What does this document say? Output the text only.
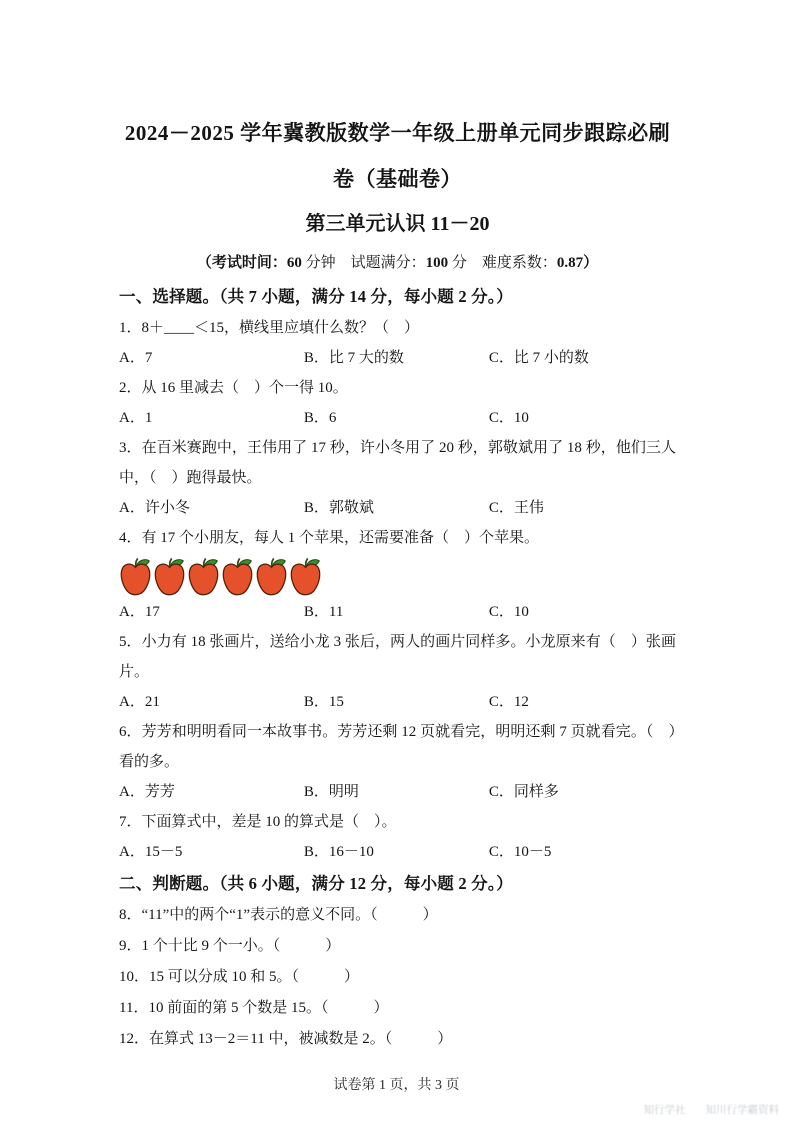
2024－2025 学年冀教版数学一年级上册单元同步跟踪必刷
卷（基础卷）
第三单元认识 11－20

（考试时间：60 分钟　试题满分：100 分　难度系数：0.87）

一、选择题。（共 7 小题，满分 14 分，每小题 2 分。）

1．8＋____＜15，横线里应填什么数？（　）

A．7	B．比 7 大的数	C．比 7 小的数

2．从 16 里减去（　）个一得 10。

A．1	B．6	C．10

3．在百米赛跑中，王伟用了 17 秒，许小冬用了 20 秒，郭敬斌用了 18 秒，他们三人中，（　）跑得最快。

A．许小冬	B．郭敬斌	C．王伟

4．有 17 个小朋友，每人 1 个苹果，还需要准备（　）个苹果。

A．17	B．11	C．10

5．小力有 18 张画片，送给小龙 3 张后，两人的画片同样多。小龙原来有（　）张画片。

A．21	B．15	C．12

6．芳芳和明明看同一本故事书。芳芳还剩 12 页就看完，明明还剩 7 页就看完。（　）看的多。

A．芳芳	B．明明	C．同样多

7．下面算式中，差是 10 的算式是（　）。

A．15－5	B．16－10	C．10－5
二、判断题。（共 6 小题，满分 12 分，每小题 2 分。）

8．“11”中的两个“1”表示的意义不同。（　　　）

9．1 个十比 9 个一小。（　　　）

10．15 可以分成 10 和 5。（　　　）

11．10 前面的第 5 个数是 15。（　　　）

12．在算式 13－2＝11 中，被减数是 2。（　　　）

试卷第 1 页，共 3 页
知行学社 知川行学霸资料
